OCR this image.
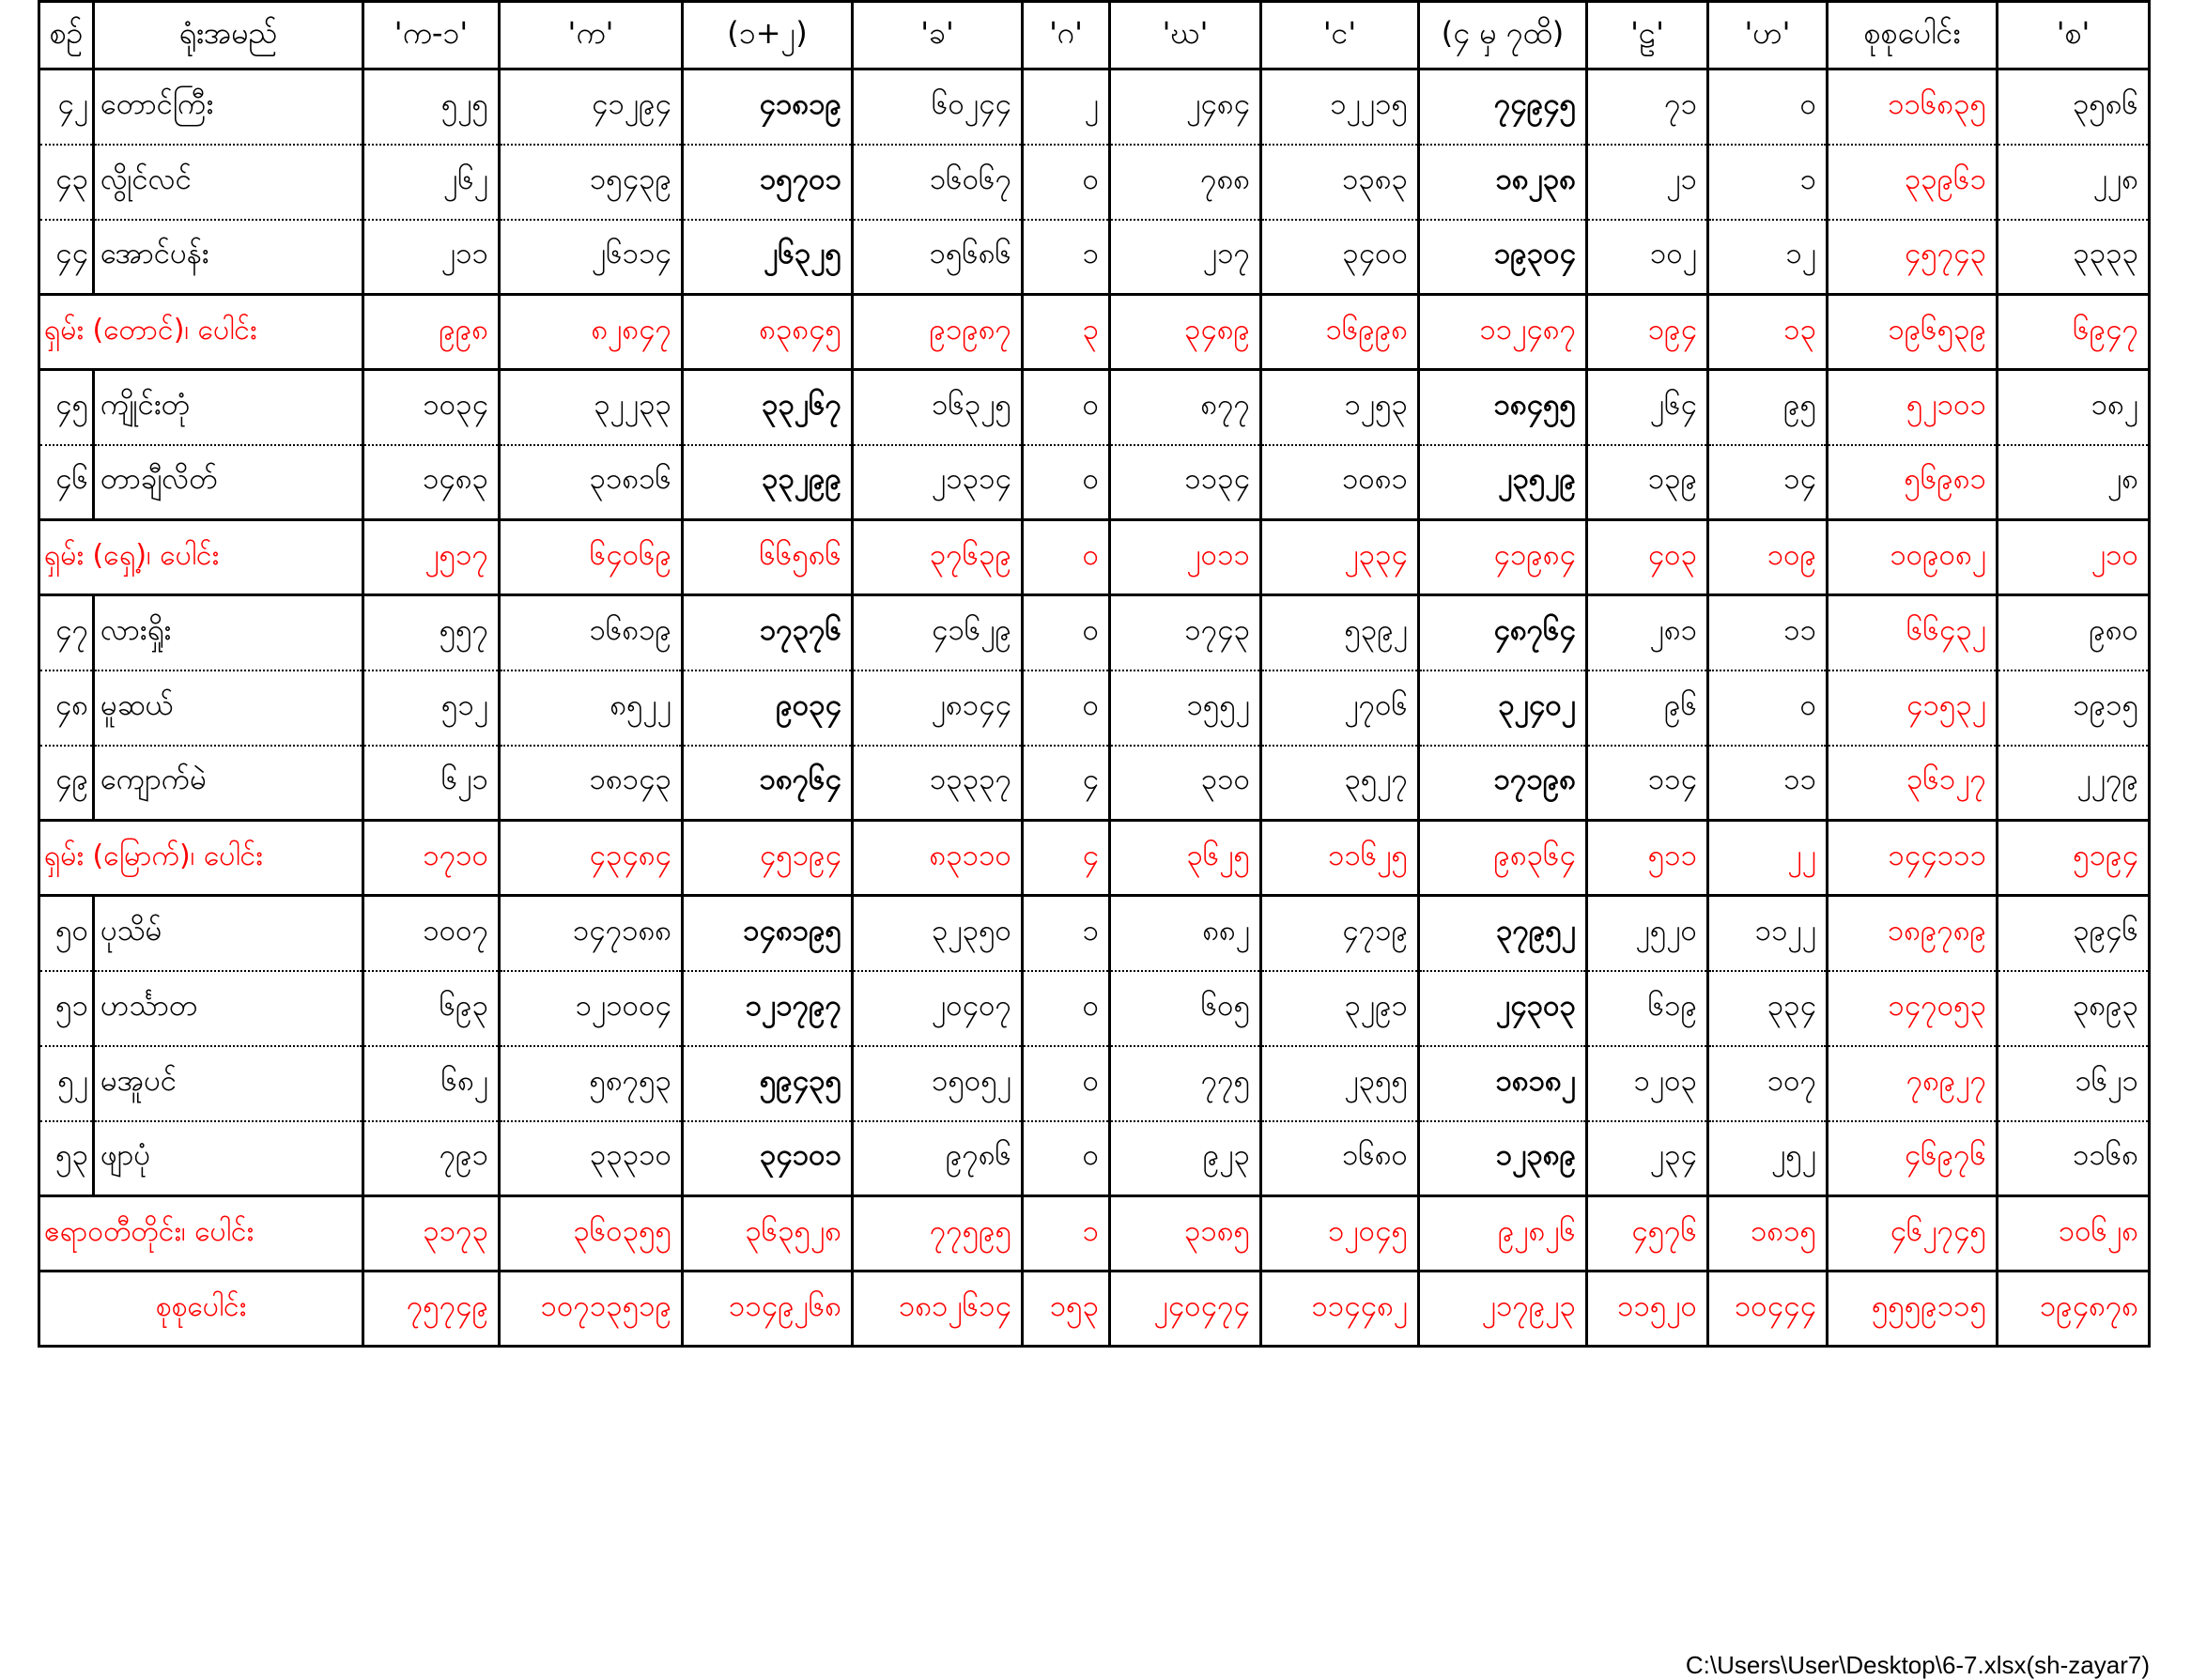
စဉ်	ရုံးအမည်	'က-၁'	'က'	(၁+၂)	'ခ'	'ဂ'	'ဃ'	'င'	(၄ မှ ၇ထိ)	'ဠ'	'ဟ'	စုစုပေါင်း	'စ'
၄၂	တောင်ကြီး	၅၂၅	၄၁၂၉၄	၄၁၈၁၉	၆၀၂၄၄	၂	၂၄၈၄	၁၂၂၁၅	၇၄၉၄၅	၇၁	၀	၁၁၆၈၃၅	၃၅၈၆
၄၃	လွိုင်လင်	၂၆၂	၁၅၄၃၉	၁၅၇၀၁	၁၆၀၆၇	၀	၇၈၈	၁၃၈၃	၁၈၂၃၈	၂၁	၁	၃၃၉၆၁	၂၂၈
၄၄	အောင်ပန်း	၂၁၁	၂၆၁၁၄	၂၆၃၂၅	၁၅၆၈၆	၁	၂၁၇	၃၄၀၀	၁၉၃၀၄	၁၀၂	၁၂	၄၅၇၄၃	၃၃၃၃
ရှမ်း (တောင်)၊ ပေါင်း		၉၉၈	၈၂၈၄၇	၈၃၈၄၅	၉၁၉၈၇	၃	၃၄၈၉	၁၆၉၉၈	၁၁၂၄၈၇	၁၉၄	၁၃	၁၉၆၅၃၉	၆၉၄၇
၄၅	ကျိုင်းတုံ	၁၀၃၄	၃၂၂၃၃	၃၃၂၆၇	၁၆၃၂၅	၀	၈၇၇	၁၂၅၃	၁၈၄၅၅	၂၆၄	၉၅	၅၂၁၀၁	၁၈၂
၄၆	တာချီလိတ်	၁၄၈၃	၃၁၈၁၆	၃၃၂၉၉	၂၁၃၁၄	၀	၁၁၃၄	၁၀၈၁	၂၃၅၂၉	၁၃၉	၁၄	၅၆၉၈၁	၂၈
ရှမ်း (ရှေ့)၊ ပေါင်း		၂၅၁၇	၆၄၀၆၉	၆၆၅၈၆	၃၇၆၃၉	၀	၂၀၁၁	၂၃၃၄	၄၁၉၈၄	၄၀၃	၁၀၉	၁၀၉၀၈၂	၂၁၀
၄၇	လားရှိုး	၅၅၇	၁၆၈၁၉	၁၇၃၇၆	၄၁၆၂၉	၀	၁၇၄၃	၅၃၉၂	၄၈၇၆၄	၂၈၁	၁၁	၆၆၄၃၂	၉၈၀
၄၈	မူဆယ်	၅၁၂	၈၅၂၂	၉၀၃၄	၂၈၁၄၄	၀	၁၅၅၂	၂၇၀၆	၃၂၄၀၂	၉၆	၀	၄၁၅၃၂	၁၉၁၅
၄၉	ကျောက်မဲ	၆၂၁	၁၈၁၄၃	၁၈၇၆၄	၁၃၃၃၇	၄	၃၁၀	၃၅၂၇	၁၇၁၉၈	၁၁၄	၁၁	၃၆၁၂၇	၂၂၇၉
ရှမ်း (မြောက်)၊ ပေါင်း		၁၇၁၀	၄၃၄၈၄	၄၅၁၉၄	၈၃၁၁၀	၄	၃၆၂၅	၁၁၆၂၅	၉၈၃၆၄	၅၁၁	၂၂	၁၄၄၁၁၁	၅၁၉၄
၅၀	ပုသိမ်	၁၀၀၇	၁၄၇၁၈၈	၁၄၈၁၉၅	၃၂၃၅၀	၁	၈၈၂	၄၇၁၉	၃၇၉၅၂	၂၅၂၀	၁၁၂၂	၁၈၉၇၈၉	၃၉၄၆
၅၁	ဟင်္သာတ	၆၉၃	၁၂၁၀၀၄	၁၂၁၇၉၇	၂၀၄၀၇	၀	၆၀၅	၃၂၉၁	၂၄၃၀၃	၆၁၉	၃၃၄	၁၄၇၀၅၃	၃၈၉၃
၅၂	မအူပင်	၆၈၂	၅၈၇၅၃	၅၉၄၃၅	၁၅၀၅၂	၀	၇၇၅	၂၃၅၅	၁၈၁၈၂	၁၂၀၃	၁၀၇	၇၈၉၂၇	၁၆၂၁
၅၃	ဖျာပုံ	၇၉၁	၃၃၃၁၀	၃၄၁၀၁	၉၇၈၆	၀	၉၂၃	၁၆၈၀	၁၂၃၈၉	၂၃၄	၂၅၂	၄၆၉၇၆	၁၁၆၈
ဧရာဝတီတိုင်း၊ ပေါင်း		၃၁၇၃	၃၆၀၃၅၅	၃၆၃၅၂၈	၇၇၅၉၅	၁	၃၁၈၅	၁၂၀၄၅	၉၂၈၂၆	၄၅၇၆	၁၈၁၅	၄၆၂၇၄၅	၁၀၆၂၈
စုစုပေါင်း		၇၅၇၄၉	၁၀၇၁၃၅၁၉	၁၁၄၉၂၆၈	၁၈၁၂၆၁၄	၁၅၃	၂၄၀၄၇၄	၁၁၄၄၈၂	၂၁၇၉၂၃	၁၁၅၂၀	၁၀၄၄၄	၅၅၅၉၁၁၅	၁၉၄၈၇၈
C:\Users\User\Desktop\6-7.xlsx(sh-zayar7)
